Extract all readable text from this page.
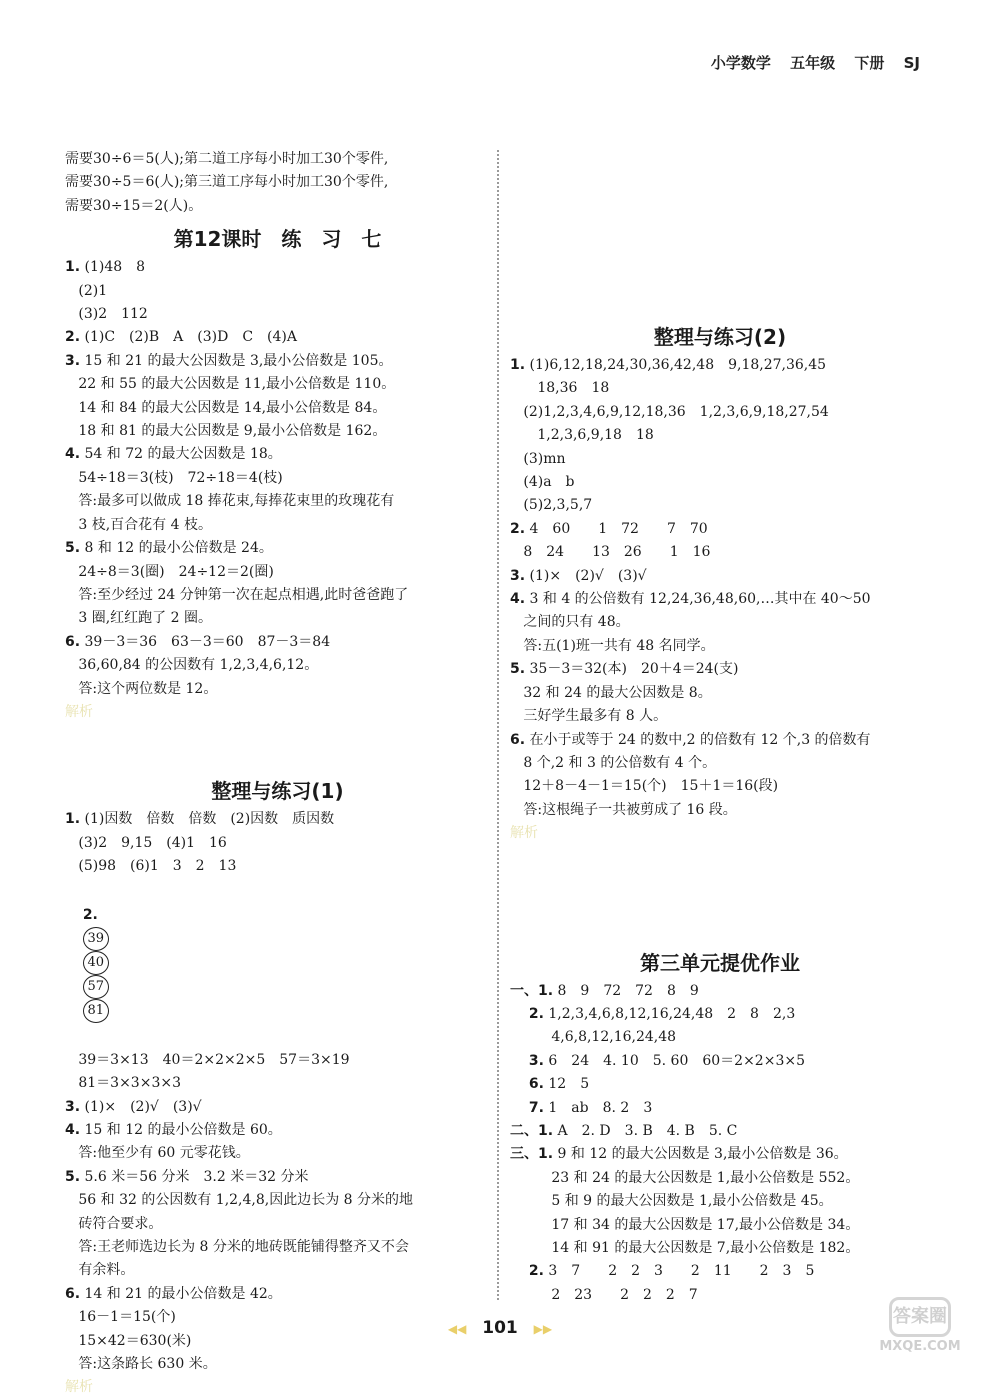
小学数学 五年级 下册 SJ
需要30÷6＝5(人);第二道工序每小时加工30个零件,
需要30÷5＝6(人);第三道工序每小时加工30个零件,
需要30÷15＝2(人)。
第12课时　练　习　七
1. (1)48　8
(2)1
(3)2　112
2. (1)C　(2)B　A　(3)D　C　(4)A
3. 15 和 21 的最大公因数是 3,最小公倍数是 105。
22 和 55 的最大公因数是 11,最小公倍数是 110。
14 和 84 的最大公因数是 14,最小公倍数是 84。
18 和 81 的最大公因数是 9,最小公倍数是 162。
4. 54 和 72 的最大公因数是 18。
54÷18＝3(枝)　72÷18＝4(枝)
答:最多可以做成 18 捧花束,每捧花束里的玫瑰花有
3 枝,百合花有 4 枝。
5. 8 和 12 的最小公倍数是 24。
24÷8＝3(圈)　24÷12＝2(圈)
答:至少经过 24 分钟第一次在起点相遇,此时爸爸跑了
3 圈,红红跑了 2 圈。
6. 39－3＝36　63－3＝60　87－3＝84
36,60,84 的公因数有 1,2,3,4,6,12。
答:这个两位数是 12。
解析
整理与练习(1)
1. (1)因数　倍数　倍数　(2)因数　质因数
(3)2　9,15　(4)1　16
(5)98　(6)1　3　2　13

2.
39
40
57
81

39＝3×13　40＝2×2×2×5　57＝3×19
81＝3×3×3×3
3. (1)×　(2)√　(3)√
4. 15 和 12 的最小公倍数是 60。
答:他至少有 60 元零花钱。
5. 5.6 米＝56 分米　3.2 米＝32 分米
56 和 32 的公因数有 1,2,4,8,因此边长为 8 分米的地
砖符合要求。
答:王老师选边长为 8 分米的地砖既能铺得整齐又不会
有余料。
6. 14 和 21 的最小公倍数是 42。
16－1＝15(个)
15×42＝630(米)
答:这条路长 630 米。
解析
整理与练习(2)
1. (1)6,12,18,24,30,36,42,48　9,18,27,36,45
　18,36　18
(2)1,2,3,4,6,9,12,18,36　1,2,3,6,9,18,27,54
　1,2,3,6,9,18　18
(3)mn
(4)a　b
(5)2,3,5,7
2. 4　60　　1　72　　7　70
8　24　　13　26　　1　16
3. (1)×　(2)√　(3)√
4. 3 和 4 的公倍数有 12,24,36,48,60,…其中在 40～50
之间的只有 48。
答:五(1)班一共有 48 名同学。
5. 35－3＝32(本)　20＋4＝24(支)
32 和 24 的最大公因数是 8。
三好学生最多有 8 人。
6. 在小于或等于 24 的数中,2 的倍数有 12 个,3 的倍数有
8 个,2 和 3 的公倍数有 4 个。
12＋8－4－1＝15(个)　15＋1＝16(段)
答:这根绳子一共被剪成了 16 段。
解析
第三单元提优作业
一、1. 8　9　72　72　8　9
　 2. 1,2,3,4,6,8,12,16,24,48　2　8　2,3
　　4,6,8,12,16,24,48
　 3. 6　24　4. 10　5. 60　60＝2×2×3×5
　 6. 12　5
　 7. 1　ab　8. 2　3
二、1. A　2. D　3. B　4. B　5. C
三、1. 9 和 12 的最大公因数是 3,最小公倍数是 36。
　　23 和 24 的最大公因数是 1,最小公倍数是 552。
　　5 和 9 的最大公因数是 1,最小公倍数是 45。
　　17 和 34 的最大公因数是 17,最小公倍数是 34。
　　14 和 91 的最大公因数是 7,最小公倍数是 182。
　 2. 3　7　　2　2　3　　2　11　　2　3　5
　　2　23　　2　2　2　7
◀◀ 101 ▶▶
答案圈
MXQE.COM
